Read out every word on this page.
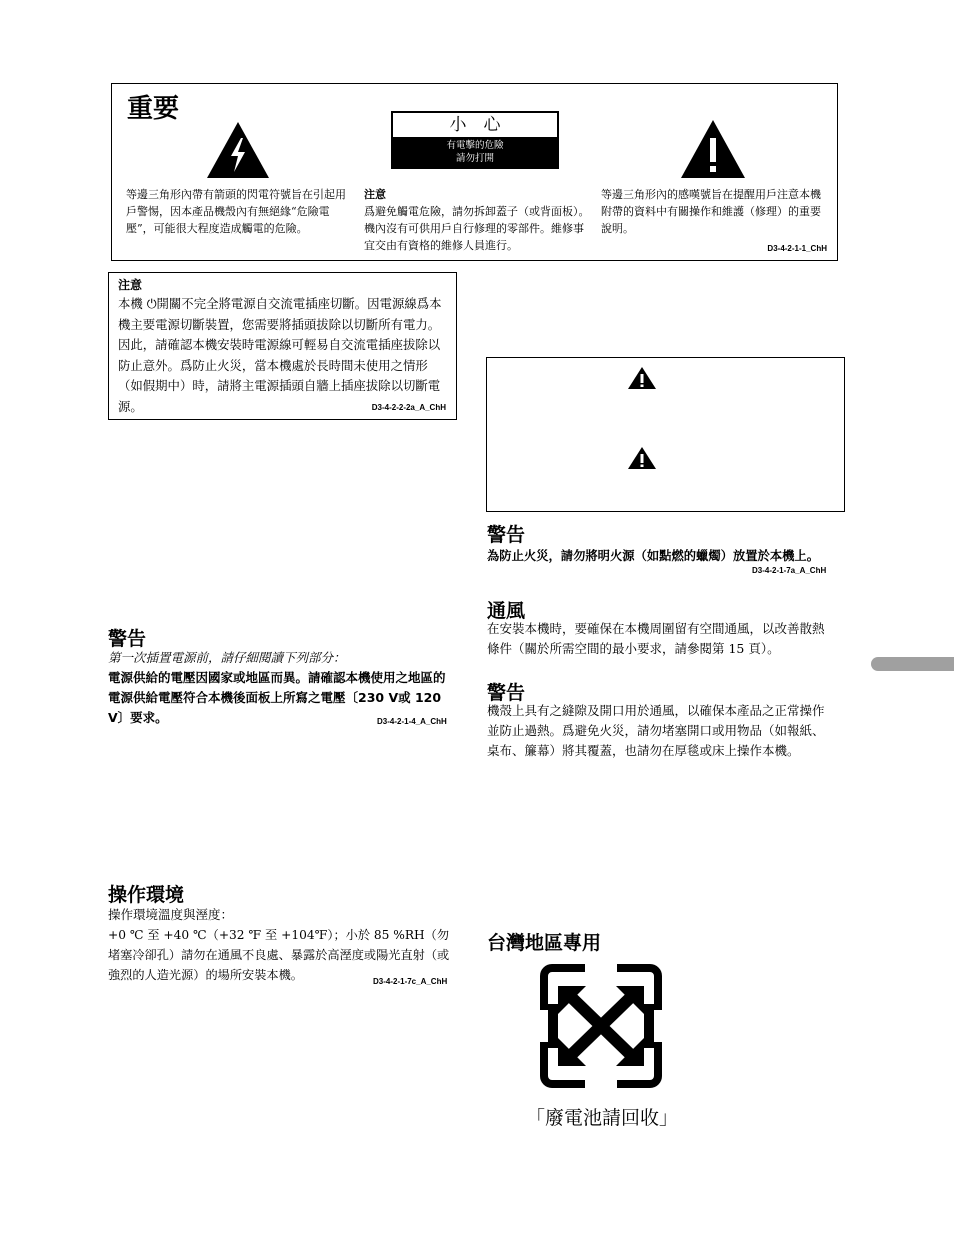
重要
小　心
有電擊的危險
請勿打開
等邊三角形內帶有箭頭的閃電符號旨在引起用戶警惕，因本產品機殼內有無絕緣“危險電壓”，可能很大程度造成觸電的危險。
注意
爲避免觸電危險，請勿拆卸蓋子（或背面板）。機內沒有可供用戶自行修理的零部件。維修事宜交由有資格的維修人員進行。
等邊三角形內的感嘆號旨在提醒用戶注意本機附帶的資料中有關操作和維護（修理）的重要說明。
D3-4-2-1-1_ChH
注意
本機 ⏻開關不完全將電源自交流電插座切斷。因電源線爲本機主要電源切斷裝置，您需要將插頭拔除以切斷所有電力。因此，請確認本機安裝時電源線可輕易自交流電插座拔除以防止意外。爲防止火災，當本機處於長時間未使用之情形（如假期中）時，請將主電源插頭自牆上插座拔除以切斷電源。	D3-4-2-2-2a_A_ChH
警告
為防止火災，請勿將明火源（如點燃的蠟燭）放置於本機上。
D3-4-2-1-7a_A_ChH
通風
在安裝本機時，要確保在本機周圍留有空間通風，以改善散熱條件（關於所需空間的最小要求，請參閱第 15 頁）。
警告
機殼上具有之縫隙及開口用於通風，以確保本產品之正常操作並防止過熱。爲避免火災，請勿堵塞開口或用物品（如報紙、桌布、簾幕）將其覆蓋，也請勿在厚毯或床上操作本機。
警告
第一次插置電源前，請仔細閱讀下列部分：
電源供給的電壓因國家或地區而異。請確認本機使用之地區的電源供給電壓符合本機後面板上所寫之電壓〔230 V或 120 V〕要求。	D3-4-2-1-4_A_ChH
操作環境
操作環境溫度與溼度：
+0 ℃ 至 +40 ℃（+32 ℉ 至 +104℉）；小於 85 %RH（勿堵塞冷卻孔）請勿在通風不良處、暴露於高溼度或陽光直射（或強烈的人造光源）的場所安裝本機。	D3-4-2-1-7c_A_ChH
台灣地區專用
「廢電池請回收」
